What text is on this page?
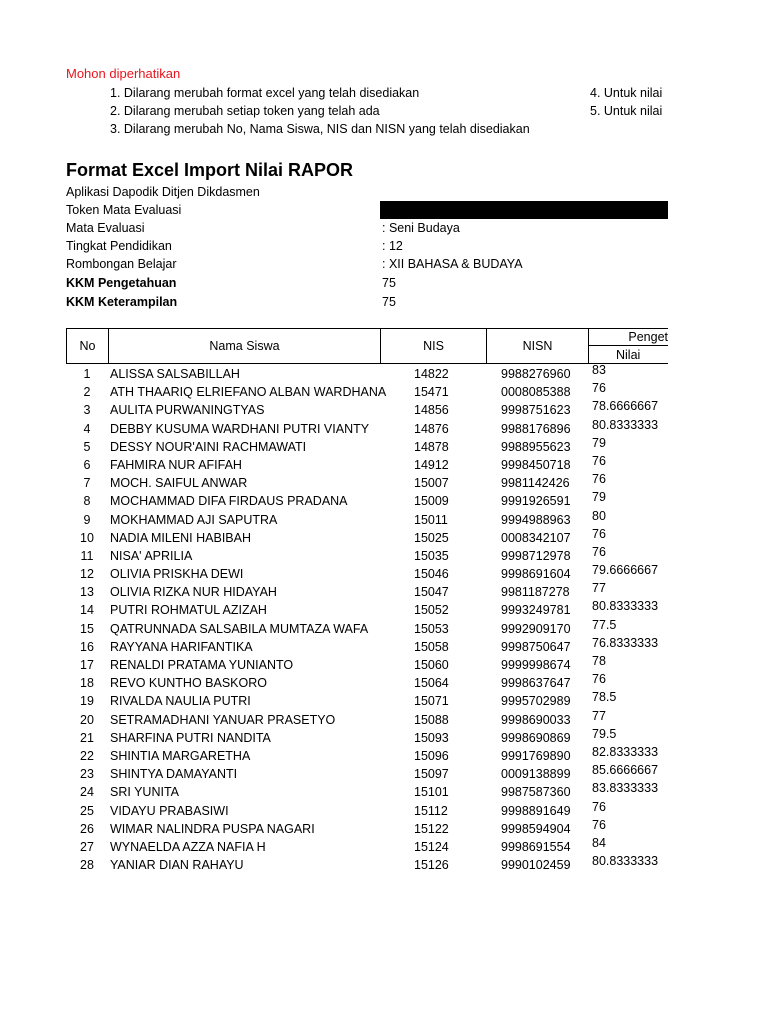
Mohon diperhatikan
1. Dilarang merubah format excel yang telah disediakan
2. Dilarang merubah setiap token yang telah ada
3. Dilarang merubah No, Nama Siswa, NIS dan NISN yang telah disediakan
4. Untuk nilai
5. Untuk nilai
Format Excel Import Nilai RAPOR
Aplikasi Dapodik Ditjen Dikdasmen
Token Mata Evaluasi
Mata Evaluasi	: Seni Budaya
Tingkat Pendidikan	: 12
Rombongan Belajar	: XII BAHASA & BUDAYA
KKM Pengetahuan	75
KKM Keterampilan	75
No	Nama Siswa	NIS	NISN
Penget
Nilai
1	ALISSA SALSABILLAH	14822	9988276960 83
2	ATH THAARIQ ELRIEFANO ALBAN WARDHANA 15471	0008085388 76
3	AULITA PURWANINGTYAS	14856	9998751623 78.6666667
4	DEBBY KUSUMA WARDHANI PUTRI VIANTY	14876	9988176896 80.8333333
5	DESSY NOUR'AINI RACHMAWATI	14878	9988955623 79
6	FAHMIRA NUR AFIFAH	14912	9998450718 76
7	MOCH. SAIFUL ANWAR	15007	9981142426 76
8	MOCHAMMAD DIFA FIRDAUS PRADANA	15009	9991926591 79
9	MOKHAMMAD AJI SAPUTRA	15011	9994988963 80
10	NADIA MILENI HABIBAH	15025	0008342107 76
11	NISA' APRILIA	15035	9998712978 76
12	OLIVIA PRISKHA DEWI	15046	9998691604 79.6666667
13	OLIVIA RIZKA NUR HIDAYAH	15047	9981187278 77
14	PUTRI ROHMATUL AZIZAH	15052	9993249781 80.8333333
15	QATRUNNADA SALSABILA MUMTAZA WAFA	15053	9992909170 77.5
16	RAYYANA HARIFANTIKA	15058	9998750647 76.8333333
17	RENALDI PRATAMA YUNIANTO	15060	9999998674 78
18	REVO KUNTHO BASKORO	15064	9998637647 76
19	RIVALDA NAULIA PUTRI	15071	9995702989 78.5
20	SETRAMADHANI YANUAR PRASETYO	15088	9998690033 77
21	SHARFINA PUTRI NANDITA	15093	9998690869 79.5
22	SHINTIA MARGARETHA	15096	9991769890 82.8333333
23	SHINTYA DAMAYANTI	15097	0009138899 85.6666667
24	SRI YUNITA	15101	9987587360 83.8333333
25	VIDAYU PRABASIWI	15112	9998891649 76
26	WIMAR NALINDRA PUSPA NAGARI	15122	9998594904 76
27	WYNAELDA AZZA NAFIA H	15124	9998691554 84
28	YANIAR DIAN RAHAYU	15126	9990102459 80.8333333
